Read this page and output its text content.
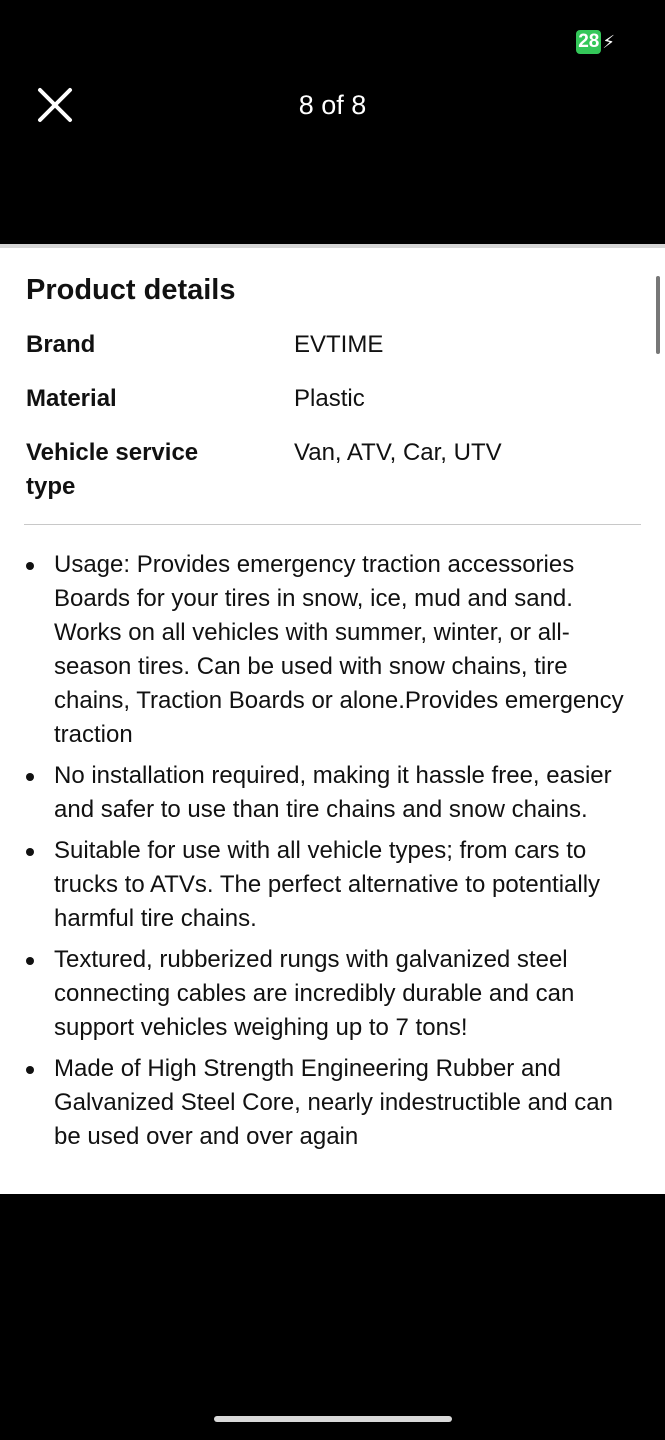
28 ⚡︎
8 of 8
Product details
Brand	EVTIME
Material	Plastic
Vehicle service type
Van, ATV, Car, UTV
Usage: Provides emergency traction accessories Boards for your tires in snow, ice, mud and sand. Works on all vehicles with summer, winter, or all-season tires. Can be used with snow chains, tire chains, Traction Boards or alone.Provides emergency traction
No installation required, making it hassle free, easier and safer to use than tire chains and snow chains.
Suitable for use with all vehicle types; from cars to trucks to ATVs. The perfect alternative to potentially harmful tire chains.
Textured, rubberized rungs with galvanized steel connecting cables are incredibly durable and can support vehicles weighing up to 7 tons!
Made of High Strength Engineering Rubber and Galvanized Steel Core, nearly indestructible and can be used over and over again
